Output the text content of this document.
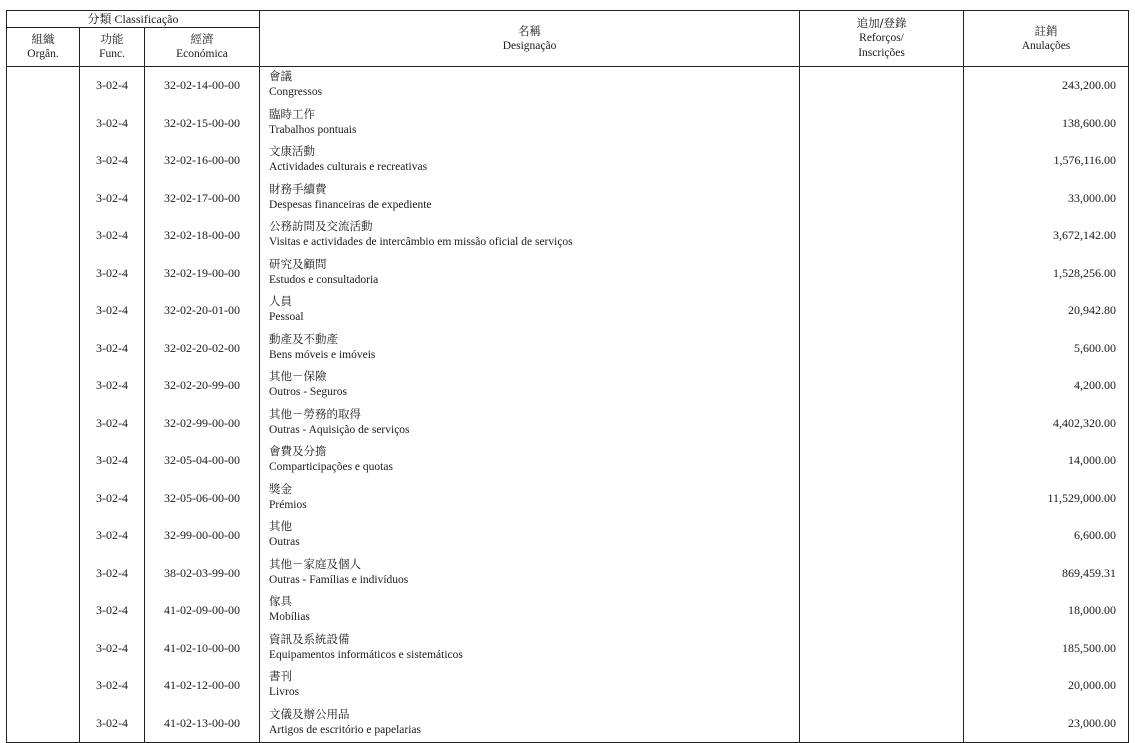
分類 Classificação			名稱
Designação	追加/登錄
Reforços/
Inscrições	註銷
Anulações

組織
Orgân.	功能
Func.	經濟
Económica			

	3-02-4	32-02-14-00-00	會議
Congressos		243,200.00
	3-02-4	32-02-15-00-00	臨時工作
Trabalhos pontuais		138,600.00
	3-02-4	32-02-16-00-00	文康活動
Actividades culturais e recreativas		1,576,116.00
	3-02-4	32-02-17-00-00	財務手續費
Despesas financeiras de expediente		33,000.00
	3-02-4	32-02-18-00-00	公務訪問及交流活動
Visitas e actividades de intercâmbio em missão oficial de serviços		3,672,142.00
	3-02-4	32-02-19-00-00	研究及顧問
Estudos e consultadoria		1,528,256.00
	3-02-4	32-02-20-01-00	人員
Pessoal		20,942.80
	3-02-4	32-02-20-02-00	動產及不動產
Bens móveis e imóveis		5,600.00
	3-02-4	32-02-20-99-00	其他－保險
Outros - Seguros		4,200.00
	3-02-4	32-02-99-00-00	其他－勞務的取得
Outras - Aquisição de serviços		4,402,320.00
	3-02-4	32-05-04-00-00	會費及分擔
Comparticipações e quotas		14,000.00
	3-02-4	32-05-06-00-00	獎金
Prémios		11,529,000.00
	3-02-4	32-99-00-00-00	其他
Outras		6,600.00
	3-02-4	38-02-03-99-00	其他－家庭及個人
Outras - Famílias e indivíduos		869,459.31
	3-02-4	41-02-09-00-00	傢具
Mobílias		18,000.00
	3-02-4	41-02-10-00-00	資訊及系統設備
Equipamentos informáticos e sistemáticos		185,500.00
	3-02-4	41-02-12-00-00	書刊
Livros		20,000.00
	3-02-4	41-02-13-00-00	文儀及辦公用品
Artigos de escritório e papelarias		23,000.00
